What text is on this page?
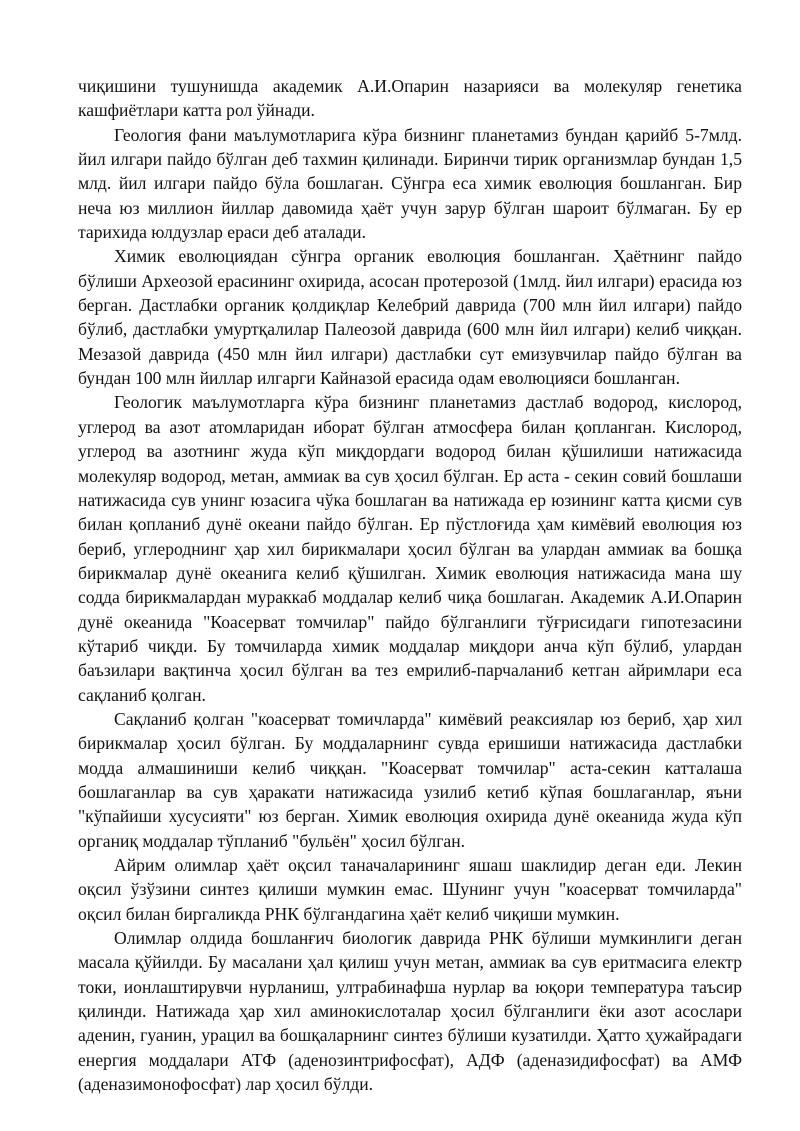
чиқишини тушунишда академик А.И.Опарин назарияси ва молекуляр генетика кашфиётлари катта рол ўйнади.

Геология фани маълумотларига кўра бизнинг планетамиз бундан қарийб 5-7млд. йил илгари пайдо бўлган деб тахмин қилинади. Биринчи тирик организмлар бундан 1,5 млд. йил илгари пайдо бўла бошлаган. Сўнгра еса химик еволюция бошланган. Бир неча юз миллион йиллар давомида ҳаёт учун зарур бўлган шароит бўлмаган. Бу ер тарихида юлдузлар ераси деб аталади.

Химик еволюциядан сўнгра органик еволюция бошланган. Ҳаётнинг пайдо бўлиши Археозой ерасининг охирида, асосан протерозой (1млд. йил илгари) ерасида юз берган. Дастлабки органик қолдиқлар Келебрий даврида (700 млн йил илгари) пайдо бўлиб, дастлабки умуртқалилар Палеозой даврида (600 млн йил илгари) келиб чиққан. Мезазой даврида (450 млн йил илгари) дастлабки сут емизувчилар пайдо бўлган ва бундан 100 млн йиллар илгарги Кайназой ерасида одам еволюцияси бошланган.

Геологик маълумотларга кўра бизнинг планетамиз дастлаб водород, кислород, углерод ва азот атомларидан иборат бўлган атмосфера билан қопланган. Кислород, углерод ва азотнинг жуда кўп миқдордаги водород билан қўшилиши натижасида молекуляр водород, метан, аммиак ва сув ҳосил бўлган. Ер аста - секин совий бошлаши натижасида сув унинг юзасига чўка бошлаган ва натижада ер юзининг катта қисми сув билан қопланиб дунё океани пайдо бўлган. Ер пўстлоғида ҳам кимёвий еволюция юз бериб, углероднинг ҳар хил бирикмалари ҳосил бўлган ва улардан аммиак ва бошқа бирикмалар дунё океанига келиб қўшилган. Химик еволюция натижасида мана шу содда бирикмалардан мураккаб моддалар келиб чиқа бошлаган. Академик А.И.Опарин дунё океанида "Коасерват томчилар" пайдо бўлганлиги тўғрисидаги гипотезасини кўтариб чиқди. Бу томчиларда химик моддалар миқдори анча кўп бўлиб, улардан баъзилари вақтинча ҳосил бўлган ва тез емрилиб-парчаланиб кетган айримлари еса сақланиб қолган.

Сақланиб қолган "коасерват томичларда" кимёвий реаксиялар юз бериб, ҳар хил бирикмалар ҳосил бўлган. Бу моддаларнинг сувда еришиши натижасида дастлабки модда алмашиниши келиб чиққан. "Коасерват томчилар" аста-секин катталаша бошлаганлар ва сув ҳаракати натижасида узилиб кетиб кўпая бошлаганлар, яъни "кўпайиши хусусияти" юз берган. Химик еволюция охирида дунё океанида жуда кўп органиқ моддалар тўпланиб "бульён" ҳосил бўлган.

Айрим олимлар ҳаёт оқсил таначаларининг яшаш шаклидир деган еди. Лекин оқсил ўзўзини синтез қилиши мумкин емас. Шунинг учун "коасерват томчиларда" оқсил билан биргаликда РНК бўлгандагина ҳаёт келиб чиқиши мумкин.

Олимлар олдида бошланғич биологик даврида РНК бўлиши мумкинлиги деган масала қўйилди. Бу масалани ҳал қилиш учун метан, аммиак ва сув еритмасига електр токи, ионлаштирувчи нурланиш, ултрабинафша нурлар ва юқори температура таъсир қилинди. Натижада ҳар хил аминокислоталар ҳосил бўлганлиги ёки азот асослари аденин, гуанин, урацил ва бошқаларнинг синтез бўлиши кузатилди. Ҳатто ҳужайрадаги енергия моддалари АТФ (аденозинтрифосфат), АДФ (аденазидифосфат) ва АМФ (аденазимонофосфат) лар ҳосил бўлди.
